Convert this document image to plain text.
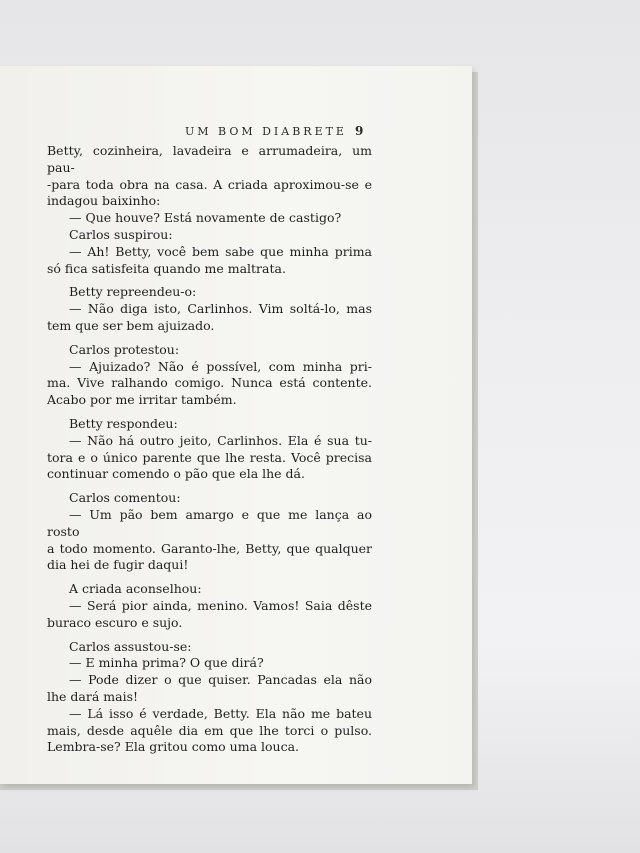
UM BOM DIABRETE 9

Betty, cozinheira, lavadeira e arrumadeira, um pau-

-para toda obra na casa. A criada aproximou-se e

indagou baixinho:

— Que houve? Está novamente de castigo?

Carlos suspirou:

— Ah! Betty, você bem sabe que minha prima

só fica satisfeita quando me maltrata.

Betty repreendeu-o:

— Não diga isto, Carlinhos. Vim soltá-lo, mas

tem que ser bem ajuizado.

Carlos protestou:

— Ajuizado? Não é possível, com minha pri-

ma. Vive ralhando comigo. Nunca está contente.

Acabo por me irritar também.

Betty respondeu:

— Não há outro jeito, Carlinhos. Ela é sua tu-

tora e o único parente que lhe resta. Você precisa

continuar comendo o pão que ela lhe dá.

Carlos comentou:

— Um pão bem amargo e que me lança ao rosto

a todo momento. Garanto-lhe, Betty, que qualquer

dia hei de fugir daqui!

A criada aconselhou:

— Será pior ainda, menino. Vamos! Saia dêste

buraco escuro e sujo.

Carlos assustou-se:

— E minha prima? O que dirá?

— Pode dizer o que quiser. Pancadas ela não

lhe dará mais!

— Lá isso é verdade, Betty. Ela não me bateu

mais, desde aquêle dia em que lhe torci o pulso.

Lembra-se? Ela gritou como uma louca.
